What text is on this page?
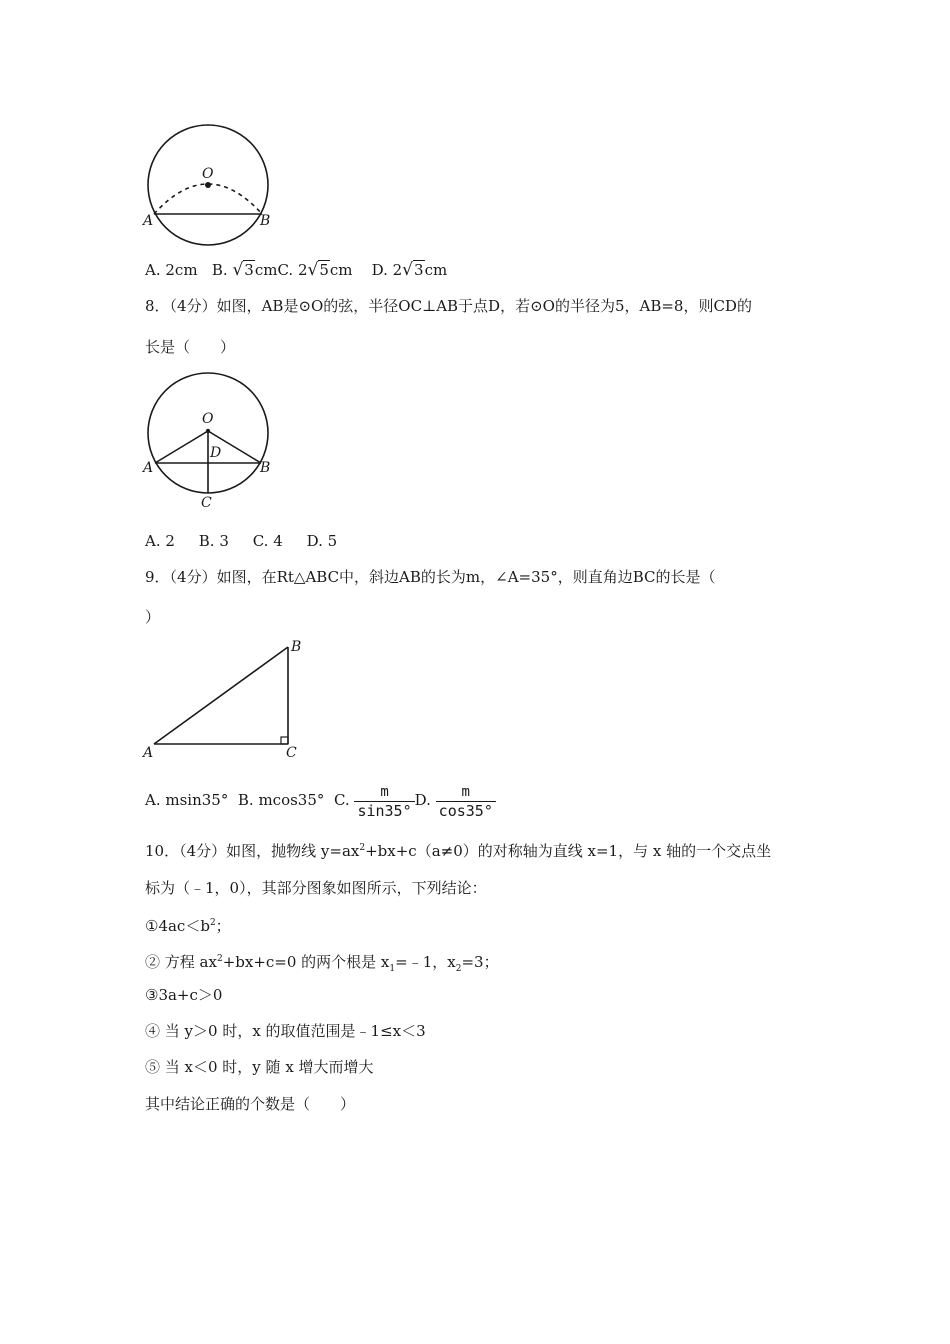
O
A	B
A. 2cm B. √3cmC. 2√5cm D. 2√3cm
8．（4分）如图，AB是⊙O的弦，半径OC⊥AB于点D，若⊙O的半径为5，AB=8，则CD的
长是（　　）
O
D
A	B
C
A. 2 B. 3 C. 4 D. 5
9．（4分）如图，在Rt△ABC中，斜边AB的长为m，∠A=35°，则直角边BC的长是（
）
B
A	C
A. msin35° B. mcos35° C. $\frac{m}{\sin 35^\circ} D$. $\frac{m}{\cos 35^\circ}$
10．（4分）如图，抛物线 $y=ax^2+bx+c(a\ne 0)$的对称轴为直线 x=1，与 x 轴的一个交点坐
标为（﹣1，0），其部分图象如图所示，下列结论：
$①4ac<b^2$；
② 方程 $ax^2+bx+c=0$ 的两个根是 $x_1=﹣1$，$x_2=3$；
③3a+c＞0
④ 当 y＞0 时，x 的取值范围是﹣1≤x＜3
⑤ 当 x＜0 时，y 随 x 增大而增大
其中结论正确的个数是（　　）
